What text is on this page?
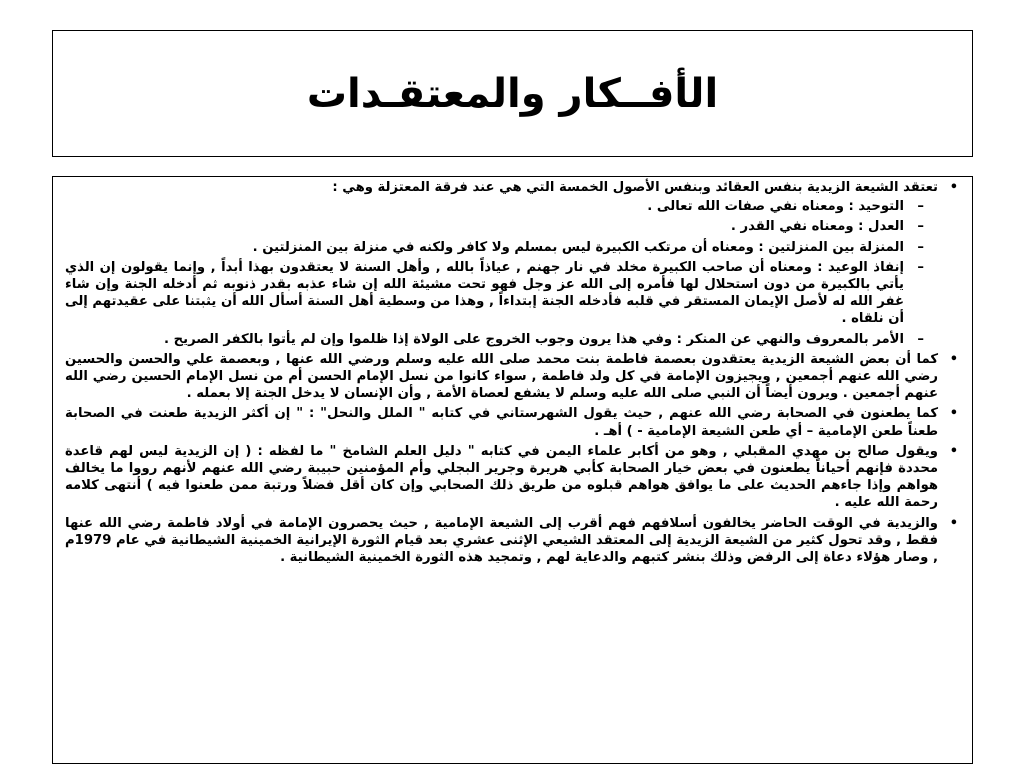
الأفــكار والمعتقـدات
•
تعتقد الشيعة الزيدية بنفس العقائد وبنفس الأصول الخمسة التي هي عند فرقة المعتزلة وهي :
–
التوحيد : ومعناه نفي صفات الله تعالى .
–
العدل : ومعناه نفي القدر .
–
المنزلة بين المنزلتين : ومعناه أن مرتكب الكبيرة ليس بمسلم ولا كافر ولكنه في منزلة بين المنزلتين .
–
إنفاذ الوعيد : ومعناه أن صاحب الكبيرة مخلد في نار جهنم , عياذاً بالله , وأهل السنة لا يعتقدون بهذا أبداً , وإنما يقولون إن الذي يأتي بالكبيرة من دون استحلال لها فأمره إلى الله عز وجل فهو تحت مشيئة الله إن شاء عذبه بقدر ذنوبه ثم أدخله الجنة وإن شاء غفر الله له لأصل الإيمان المستقر في قلبه فأدخله الجنة إبتداءاً , وهذا من وسطية أهل السنة أسأل الله أن يثبتنا على عقيدتهم إلى أن نلقاه .
–
الأمر بالمعروف والنهي عن المنكر : وفي هذا يرون وجوب الخروج على الولاة إذا ظلموا وإن لم يأتوا بالكفر الصريح .
•
كما أن بعض الشيعة الزيدية يعتقدون بعصمة فاطمة بنت محمد صلى الله عليه وسلم ورضي الله عنها , وبعصمة علي والحسن والحسين رضي الله عنهم أجمعين , ويجيزون الإمامة في كل ولد فاطمة , سواء كانوا من نسل الإمام الحسن أم من نسل الإمام الحسين رضي الله عنهم أجمعين . ويرون أيضاً أن النبي صلى الله عليه وسلم لا يشفع لعصاة الأمة , وأن الإنسان لا يدخل الجنة إلا بعمله .
•
كما يطعنون في الصحابة رضي الله عنهم , حيث يقول الشهرستاني في كتابه " الملل والنحل" : " إن أكثر الزيدية طعنت في الصحابة طعناً طعن الإمامية – أي طعن الشيعة الإمامية - ) أهـ .
•
ويقول صالح بن مهدي المقبلي , وهو من أكابر علماء اليمن في كتابه " دليل العلم الشامخ " ما لفظه : ( إن الزيدية ليس لهم قاعدة محددة فإنهم أحياناً يطعنون في بعض خيار الصحابة كأبي هريرة وجرير البجلي وأم المؤمنين حبيبة رضي الله عنهم لأنهم رووا ما يخالف هواهم وإذا جاءهم الحديث على ما يوافق هواهم قبلوه من طريق ذلك الصحابي وإن كان أقل فضلاً ورتبة ممن طعنوا فيه ) أنتهى كلامه رحمة الله عليه .
•
والزيدية في الوقت الحاضر يخالفون أسلافهم فهم أقرب إلى الشيعة الإمامية , حيث يحصرون الإمامة في أولاد فاطمة رضي الله عنها فقط , وقد تحول كثير من الشيعة الزيدية إلى المعتقد الشيعي الإثنى عشري بعد قيام الثورة الإيرانية الخمينية الشيطانية في عام 1979م , وصار هؤلاء دعاة إلى الرفض وذلك بنشر كتبهم والدعاية لهم , وتمجيد هذه الثورة الخمينية الشيطانية .
